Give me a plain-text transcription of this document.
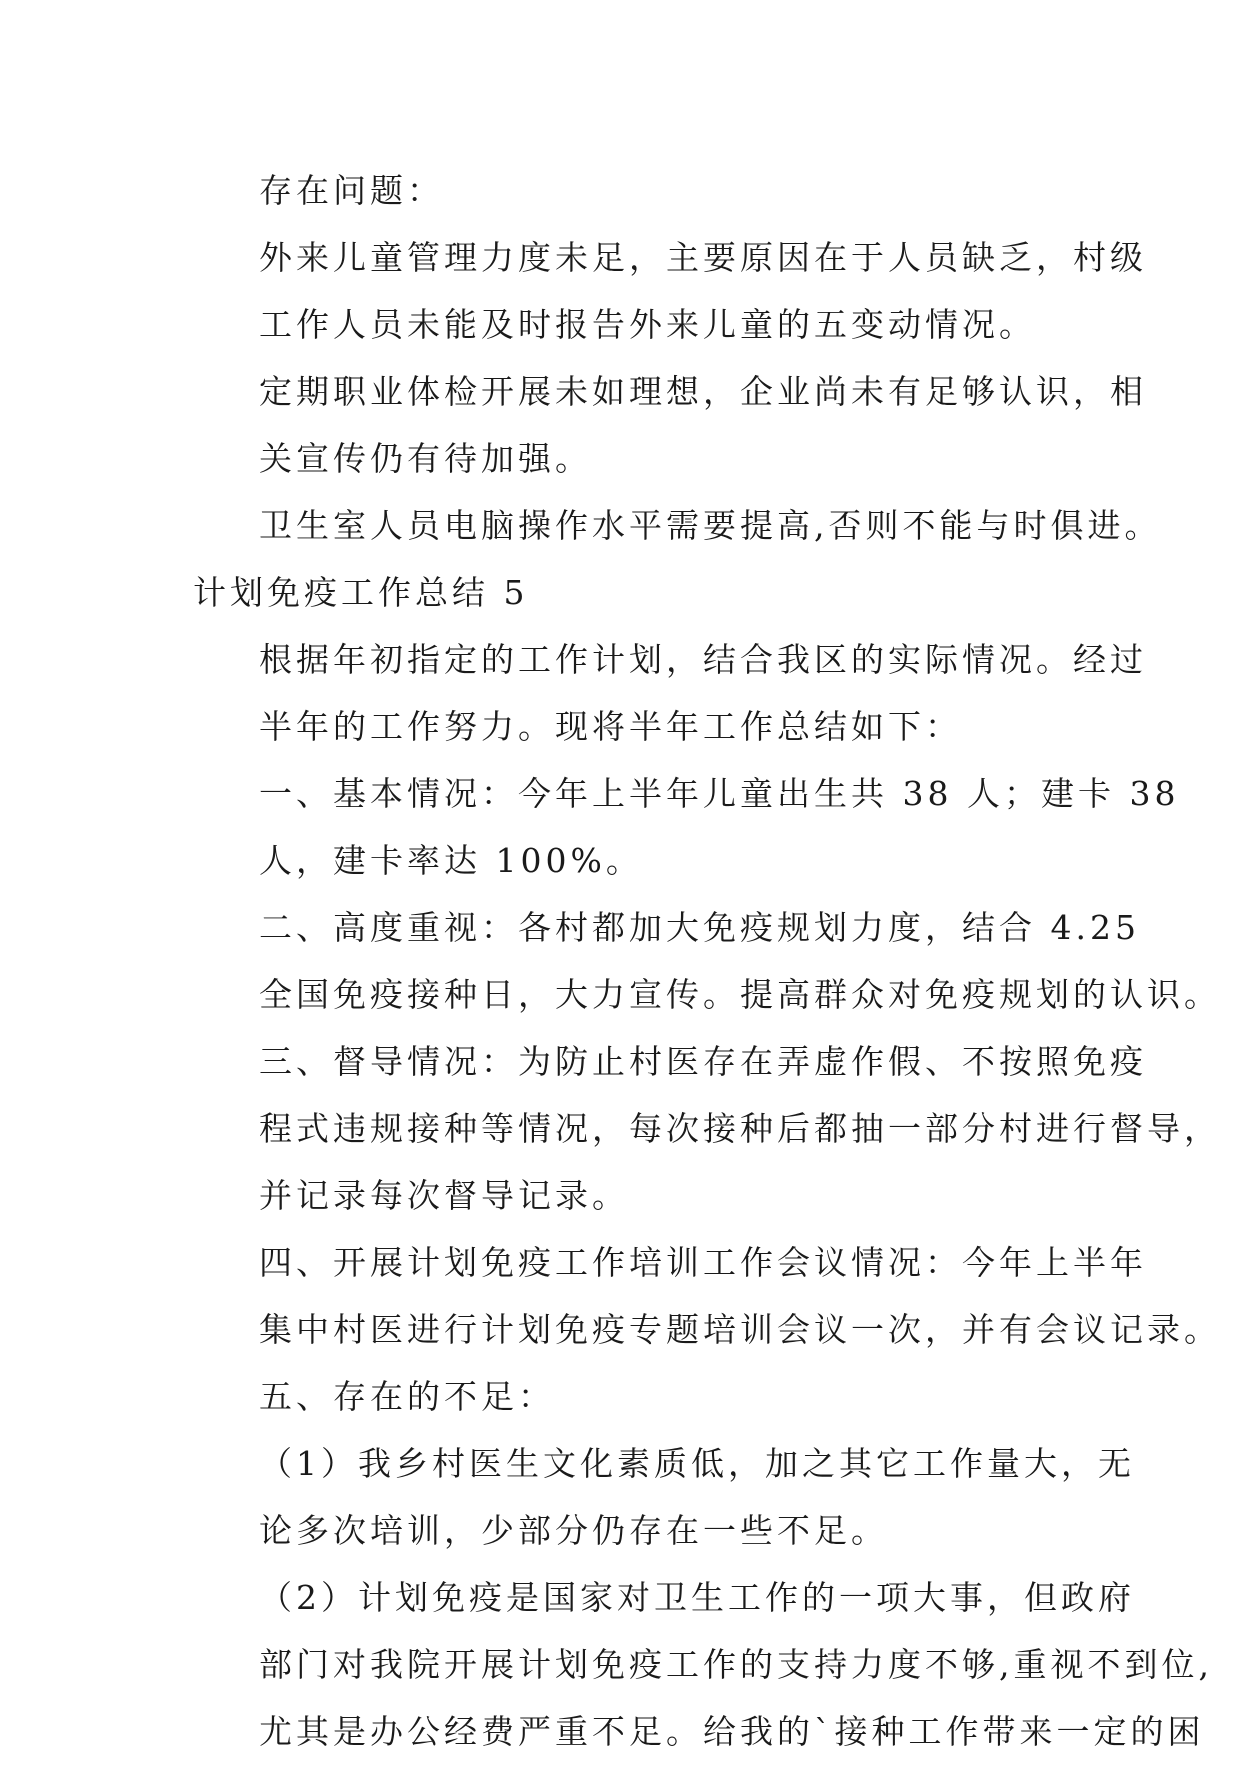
存在问题：

外来儿童管理力度未足，主要原因在于人员缺乏，村级
工作人员未能及时报告外来儿童的五变动情况。

定期职业体检开展未如理想，企业尚未有足够认识，相
关宣传仍有待加强。

卫生室人员电脑操作水平需要提高,否则不能与时俱进。

计划免疫工作总结 5

根据年初指定的工作计划，结合我区的实际情况。经过
半年的工作努力。现将半年工作总结如下：

一、基本情况：今年上半年儿童出生共 38 人；建卡 38
人，建卡率达 100%。

二、高度重视：各村都加大免疫规划力度，结合 4.25
全国免疫接种日，大力宣传。提高群众对免疫规划的认识。

三、督导情况：为防止村医存在弄虚作假、不按照免疫
程式违规接种等情况，每次接种后都抽一部分村进行督导，
并记录每次督导记录。

四、开展计划免疫工作培训工作会议情况：今年上半年
集中村医进行计划免疫专题培训会议一次，并有会议记录。

五、存在的不足：

（1）我乡村医生文化素质低，加之其它工作量大，无
论多次培训，少部分仍存在一些不足。

（2）计划免疫是国家对卫生工作的一项大事，但政府
部门对我院开展计划免疫工作的支持力度不够,重视不到位,
尤其是办公经费严重不足。给我的`接种工作带来一定的困
